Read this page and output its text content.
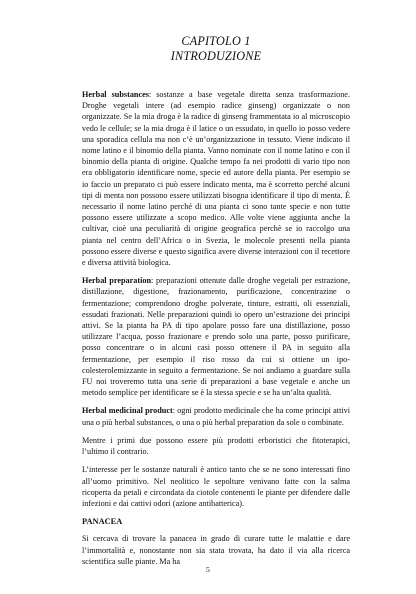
CAPITOLO 1
INTRODUZIONE

Herbal substances: sostanze a base vegetale diretta senza trasformazione. Droghe vegetali intere (ad esempio radice ginseng) organizzate o non organizzate. Se la mia droga è la radice di ginseng frammentata io al microscopio vedo le cellule; se la mia droga è il latice o un essudato, in quello io posso vedere una sporadica cellula ma non c’è un’organizzazione in tessuto. Viene indicato il nome latino e il binomio della pianta. Vanno nominate con il nome latino e con il binomio della pianta di origine. Qualche tempo fa nei prodotti di vario tipo non era obbligatorio identificare nome, specie ed autore della pianta. Per esempio se io faccio un preparato ci può essere indicato menta, ma è scorretto perché alcuni tipi di menta non possono essere utilizzati bisogna identificare il tipo di menta. È necessario il nome latino perché di una pianta ci sono tante specie e non tutte possono essere utilizzate a scopo medico. Alle volte viene aggiunta anche la cultivar, cioè una peculiarità di origine geografica perchè se io raccolgo una pianta nel centro dell’Africa o in Svezia, le molecole presenti nella pianta possono essere diverse e questo significa avere diverse interazioni con il recettore e diversa attività biologica.

Herbal preparation: preparazioni ottenute dalle droghe vegetali per estrazione, distillazione, digestione, frazionamento, purificazione, concentrazine o fermentazione; comprendono droghe polverate, tinture, estratti, oli essenziali, essudati frazionati. Nelle preparazioni quindi io opero un’estrazione dei principi attivi. Se la pianta ha PA di tipo apolare posso fare una distillazione, posso utilizzare l’acqua, posso frazionare e prendo solo una parte, posso purificare, posso concentrare o in alcuni casi posso ottenere il PA in seguito alla fermentazione, per esempio il riso rosso da cui si ottiene un ipo-colesterolemizzante in seguito a fermentazione. Se noi andiamo a guardare sulla FU noi troveremo tutta una serie di preparazioni a base vegetale e anche un metodo semplice per identificare se è la stessa specie e se ha un’alta qualità.

Herbal medicinal product: ogni prodotto medicinale che ha come principi attivi una o più herbal substances, o una o più herbal preparation da sole o combinate.

Mentre i primi due possono essere più prodotti erboristici che fitoterapici, l’ultimo il contrario.

L’interesse per le sostanze naturali è antico tanto che se ne sono interessati fino all’uomo primitivo. Nel neolitico le sepolture venivano fatte con la salma ricoperta da petali e circondata da ciotole contenenti le piante per difendere dalle infezioni e dai cattivi odori (azione antibatterica).

PANACEA

Si cercava di trovare la panacea in grado di curare tutte le malattie e dare l’immortalità e, nonostante non sia stata trovata, ha dato il via alla ricerca scientifica sulle piante. Ma ha

5
